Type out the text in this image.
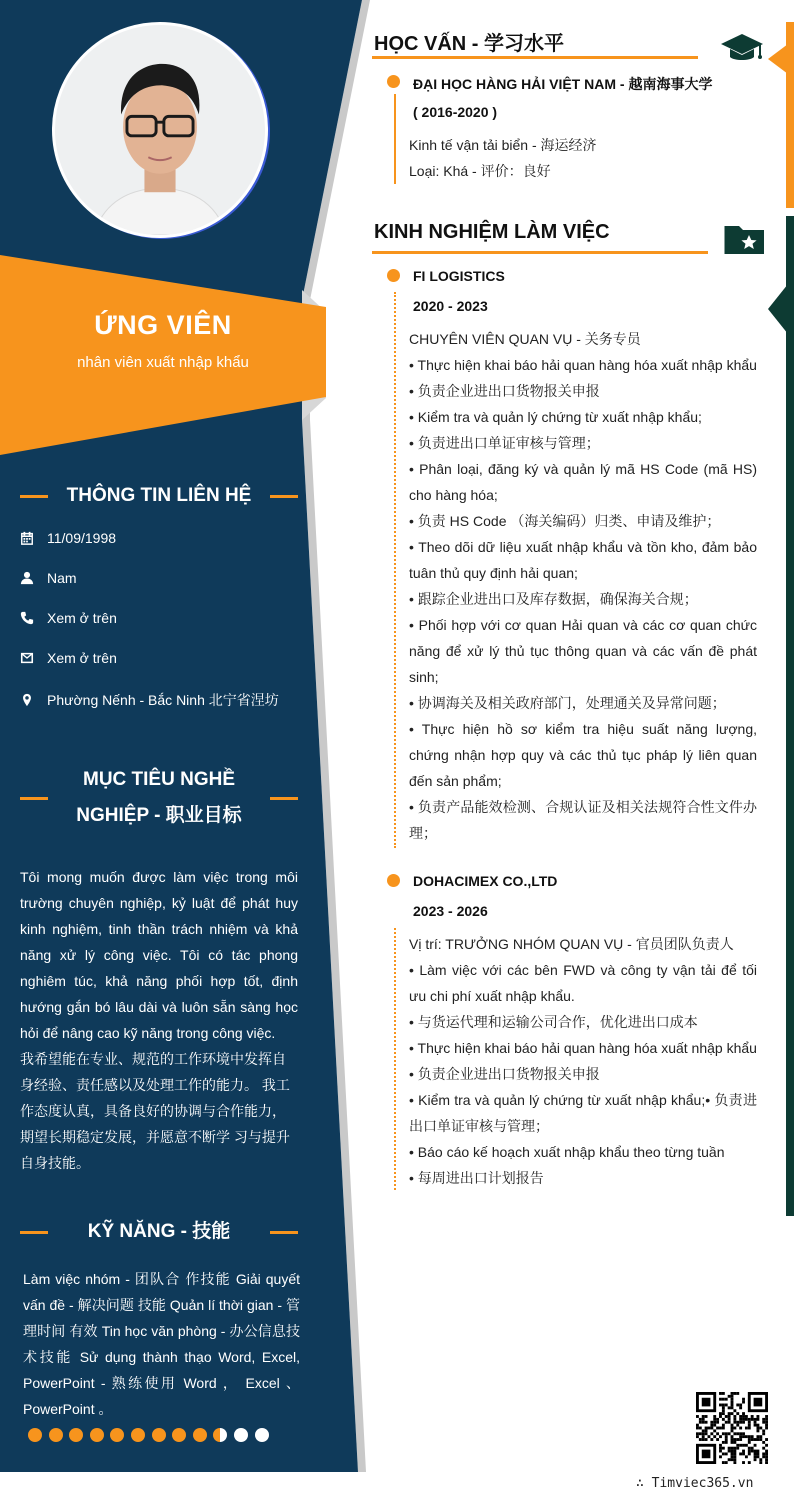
ỨNG VIÊN
nhân viên xuất nhập khẩu
THÔNG TIN LIÊN HỆ
11/09/1998
Nam
Xem ở trên
Xem ở trên
Phường Nếnh - Bắc Ninh 北宁省涅坊
MỤC TIÊU NGHỀ
NGHIỆP - 职业目标
Tôi mong muốn được làm việc trong môi trường chuyên nghiệp, kỷ luật để phát huy kinh nghiệm, tinh thần trách nhiệm và khả năng xử lý công việc. Tôi có tác phong nghiêm túc, khả năng phối hợp tốt, định hướng gắn bó lâu dài và luôn sẵn sàng học hỏi để nâng cao kỹ năng trong công việc.
我希望能在专业、规范的工作环境中发挥自身经验、责任感以及处理工作的能力。 我工作态度认真，具备良好的协调与合作能力，期望长期稳定发展，并愿意不断学 习与提升自身技能。
KỸ NĂNG - 技能
Làm việc nhóm - 团队合 作技能 Giải quyết vấn đề - 解决问题 技能 Quản lí thời gian - 管理时间 有效 Tin học văn phòng - 办公信息技术技能 Sử dụng thành thạo Word, Excel, PowerPoint - 熟练使用 Word ， Excel 、 PowerPoint 。
HỌC VẤN - 学习水平
ĐẠI HỌC HÀNG HẢI VIỆT NAM - 越南海事大学
( 2016-2020 )
Kinh tế vận tải biển - 海运经济
Loại: Khá - 评价：良好
KINH NGHIỆM LÀM VIỆC
FI LOGISTICS
2020 - 2023
CHUYÊN VIÊN QUAN VỤ - 关务专员
• Thực hiện khai báo hải quan hàng hóa xuất nhập khẩu
• 负责企业进出口货物报关申报
• Kiểm tra và quản lý chứng từ xuất nhập khẩu;
• 负责进出口单证审核与管理；
• Phân loại, đăng ký và quản lý mã HS Code (mã HS) cho hàng hóa;
• 负责 HS Code （海关编码）归类、申请及维护；
• Theo dõi dữ liệu xuất nhập khẩu và tồn kho, đảm bảo tuân thủ quy định hải quan;
• 跟踪企业进出口及库存数据，确保海关合规；
• Phối hợp với cơ quan Hải quan và các cơ quan chức năng để xử lý thủ tục thông quan và các vấn đề phát sinh;
• 协调海关及相关政府部门，处理通关及异常问题；
• Thực hiện hồ sơ kiểm tra hiệu suất năng lượng, chứng nhận hợp quy và các thủ tục pháp lý liên quan đến sản phẩm;
• 负责产品能效检测、合规认证及相关法规符合性文件办理；
DOHACIMEX CO.,LTD
2023 - 2026
Vị trí: TRƯỞNG NHÓM QUAN VỤ - 官员团队负责人
• Làm việc với các bên FWD và công ty vận tải để tối ưu chi phí xuất nhập khẩu.
• 与货运代理和运输公司合作，优化进出口成本
• Thực hiện khai báo hải quan hàng hóa xuất nhập khẩu
• 负责企业进出口货物报关申报
• Kiểm tra và quản lý chứng từ xuất nhập khẩu;• 负责进出口单证审核与管理；
• Báo cáo kế hoạch xuất nhập khẩu theo từng tuần
• 每周进出口计划报告
∴ Timviec365.vn
